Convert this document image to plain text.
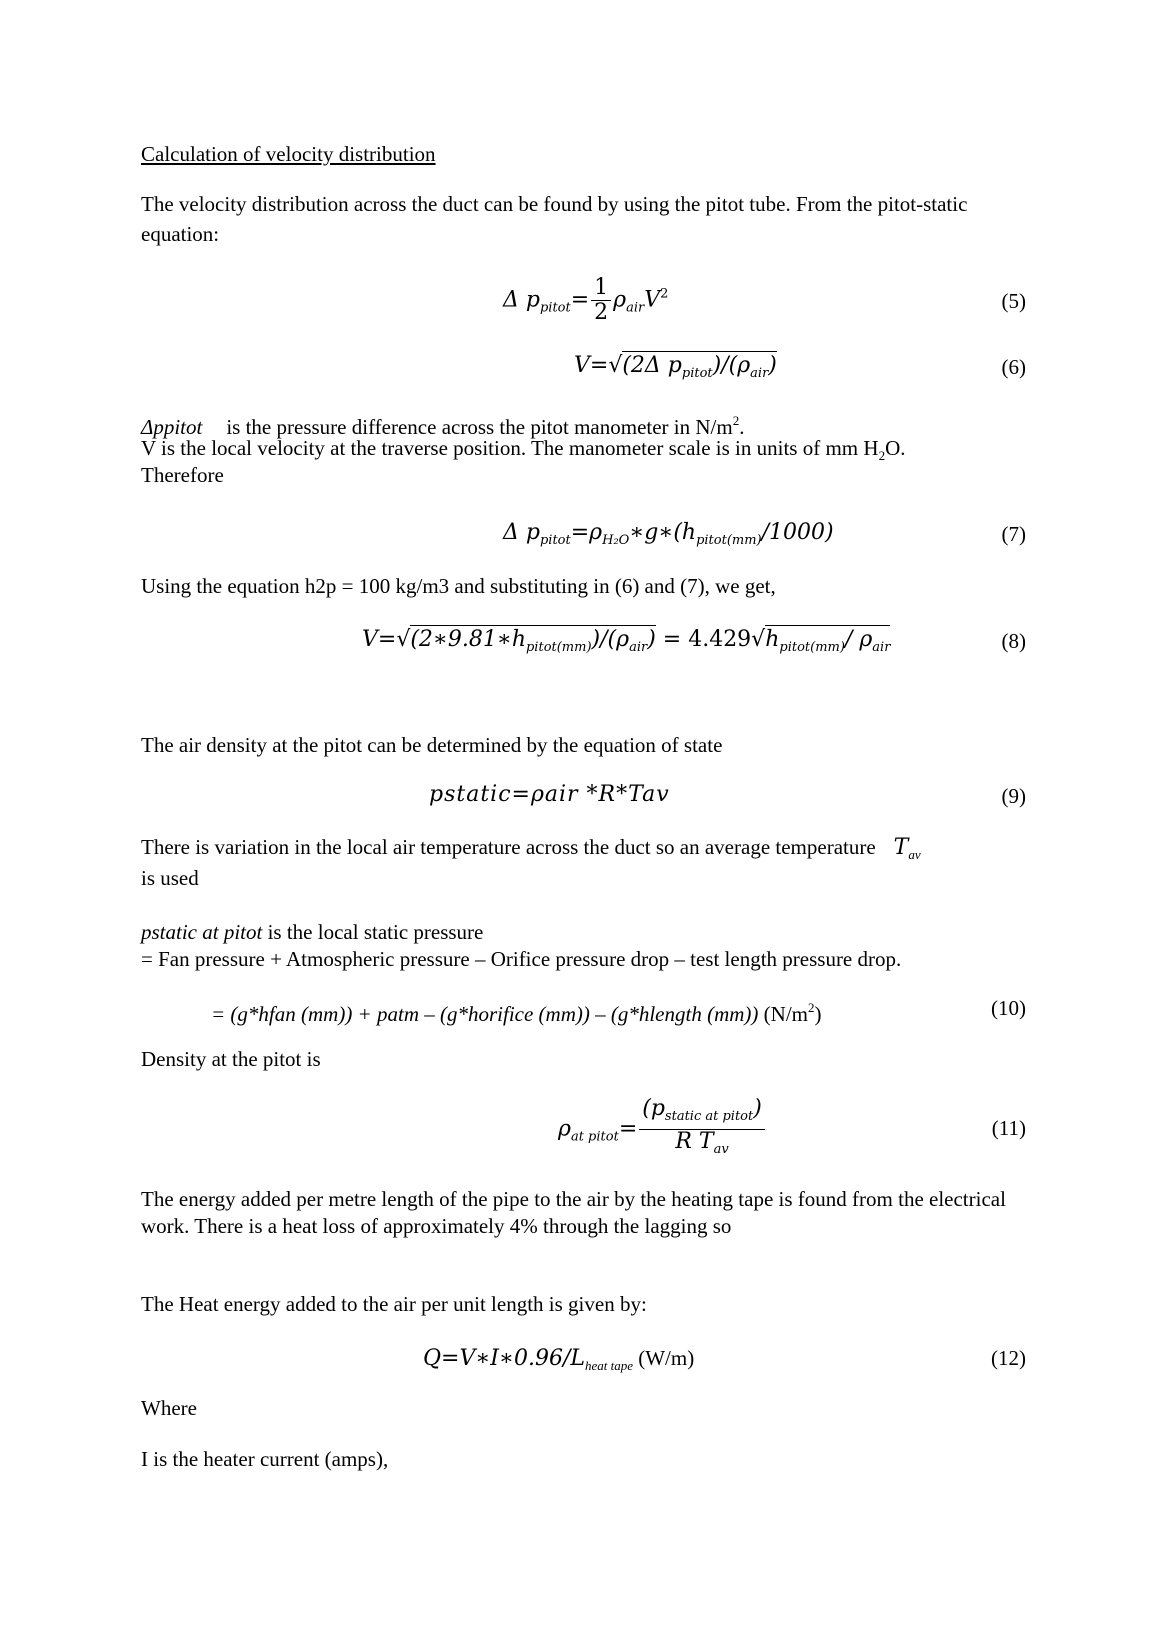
Calculation of velocity distribution
The velocity distribution across the duct can be found by using the pitot tube. From the pitot-static equation:
Δ $p_{pitot}= \frac{1}{2} \rho_{air}V^2$	(5)
V=√(2Δ $p_{pitot})/(\rho_{air})$	(6)
Δppitot is the pressure difference across the pitot manometer in $N/m^2$.
V is the local velocity at the traverse position. The manometer scale is in units of mm $H_2O$.
Therefore
Δ $p_{pitot}=\rho_{H_2O}∗g∗(h_{pitot(mm)}/1000)$	(7)
Using the equation h2p = 100 kg/m3 and substituting in (6) and (7), we get,
$V=√(2∗9.81∗h_{pitot(mm)})/(\rho_{air}) = 4.429√h_{pitot(mm)}/$ $\rho_{air}$	(8)
The air density at the pitot can be determined by the equation of state
pstatic=ρair *R*Tav	(9)
There is variation in the local air temperature across the duct so an average temperature $T_{av}$
is used
pstatic at pitot is the local static pressure
= Fan pressure + Atmospheric pressure – Orifice pressure drop – test length pressure drop.
= (g*hfan (mm)) + patm – (g*horifice (mm)) – (g*hlength (mm)) $(N/m^2)$	(10)
Density at the pitot is
$\rho_{at pitot}= \frac{(p_{static at pitot})}{R T_{av}}$	(11)
The energy added per metre length of the pipe to the air by the heating tape is found from the electrical work. There is a heat loss of approximately 4% through the lagging so
The Heat energy added to the air per unit length is given by:
$Q=V∗I∗0.96/L_{heat tape}$ (W/m)	(12)
Where
I is the heater current (amps),
